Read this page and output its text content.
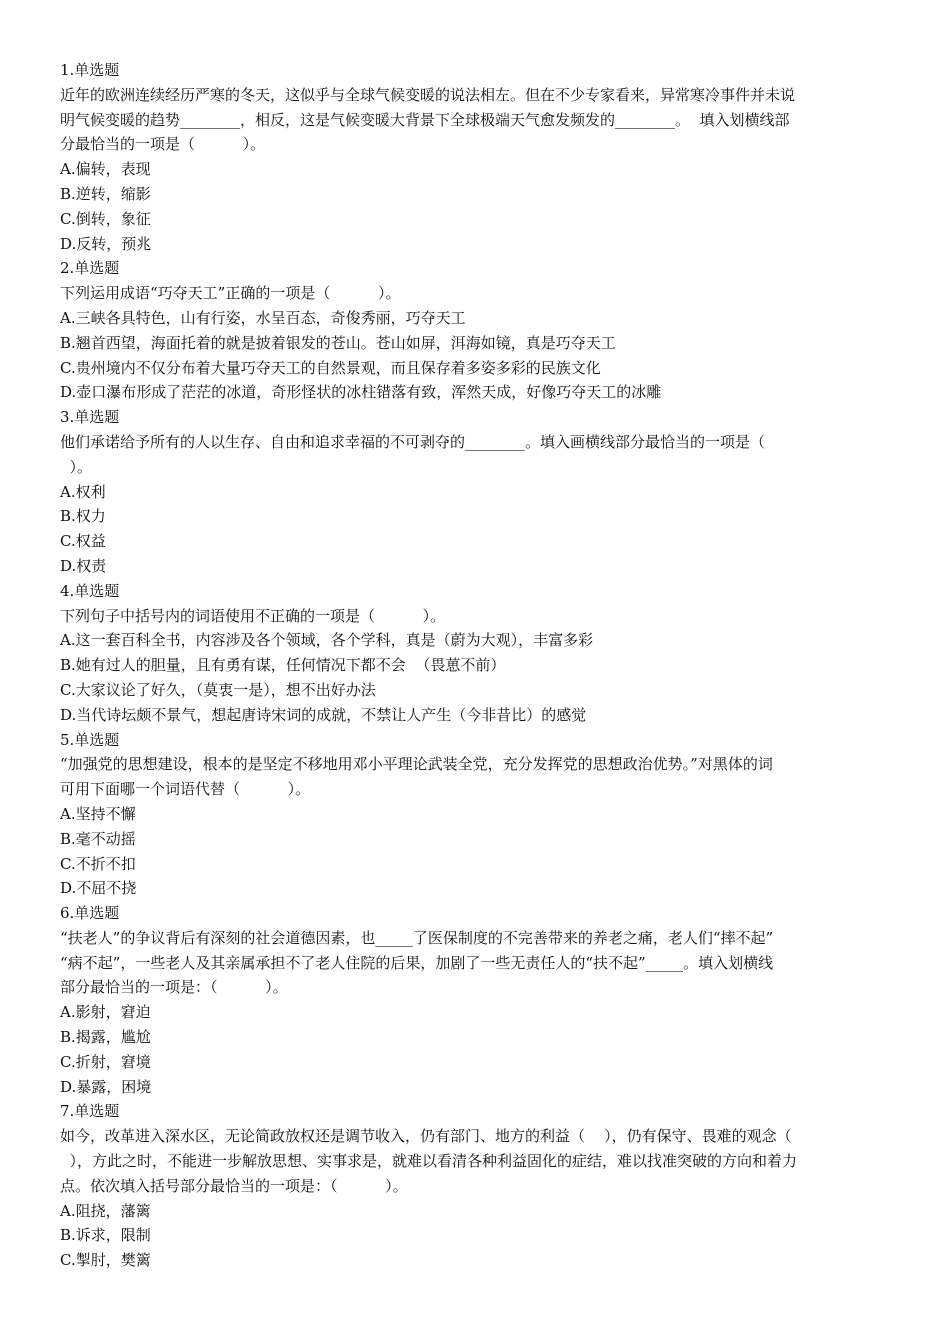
1.单选题
近年的欧洲连续经历严寒的冬天，这似乎与全球气候变暖的说法相左。但在不少专家看来，异常寒冷事件并未说
明气候变暖的趋势________，相反，这是气候变暖大背景下全球极端天气愈发频发的________。  填入划横线部
分最恰当的一项是（          ）。
A.偏转，表现
B.逆转，缩影
C.倒转，象征
D.反转，预兆
2.单选题
下列运用成语“巧夺天工”正确的一项是（          ）。
A.三峡各具特色，山有行姿，水呈百态，奇俊秀丽，巧夺天工
B.翘首西望，海面托着的就是披着银发的苍山。苍山如屏，洱海如镜，真是巧夺天工
C.贵州境内不仅分布着大量巧夺天工的自然景观，而且保存着多姿多彩的民族文化
D.壶口瀑布形成了茫茫的冰道，奇形怪状的冰柱错落有致，浑然天成，好像巧夺天工的冰雕
3.单选题
他们承诺给予所有的人以生存、自由和追求幸福的不可剥夺的________。填入画横线部分最恰当的一项是（
）。
A.权利
B.权力
C.权益
D.权责
4.单选题
下列句子中括号内的词语使用不正确的一项是（          ）。
A.这一套百科全书，内容涉及各个领域，各个学科，真是（蔚为大观），丰富多彩
B.她有过人的胆量，且有勇有谋，任何情况下都不会  （畏葸不前）
C.大家议论了好久，（莫衷一是），想不出好办法
D.当代诗坛颇不景气，想起唐诗宋词的成就，不禁让人产生（今非昔比）的感觉
5.单选题
“加强党的思想建设，根本的是坚定不移地用邓小平理论武装全党，充分发挥党的思想政治优势。”对黑体的词
可用下面哪一个词语代替（          ）。
A.坚持不懈
B.毫不动摇
C.不折不扣
D.不屈不挠
6.单选题
“扶老人”的争议背后有深刻的社会道德因素，也_____了医保制度的不完善带来的养老之痛，老人们“摔不起”
“病不起”，一些老人及其亲属承担不了老人住院的后果，加剧了一些无责任人的“扶不起”_____。填入划横线
部分最恰当的一项是：（          ）。
A.影射，窘迫
B.揭露，尴尬
C.折射，窘境
D.暴露，困境
7.单选题
如今，改革进入深水区，无论简政放权还是调节收入，仍有部门、地方的利益（    ），仍有保守、畏难的观念（
），方此之时，不能进一步解放思想、实事求是，就难以看清各种利益固化的症结，难以找准突破的方向和着力
点。依次填入括号部分最恰当的一项是：（          ）。
A.阻挠，藩篱
B.诉求，限制
C.掣肘，樊篱
